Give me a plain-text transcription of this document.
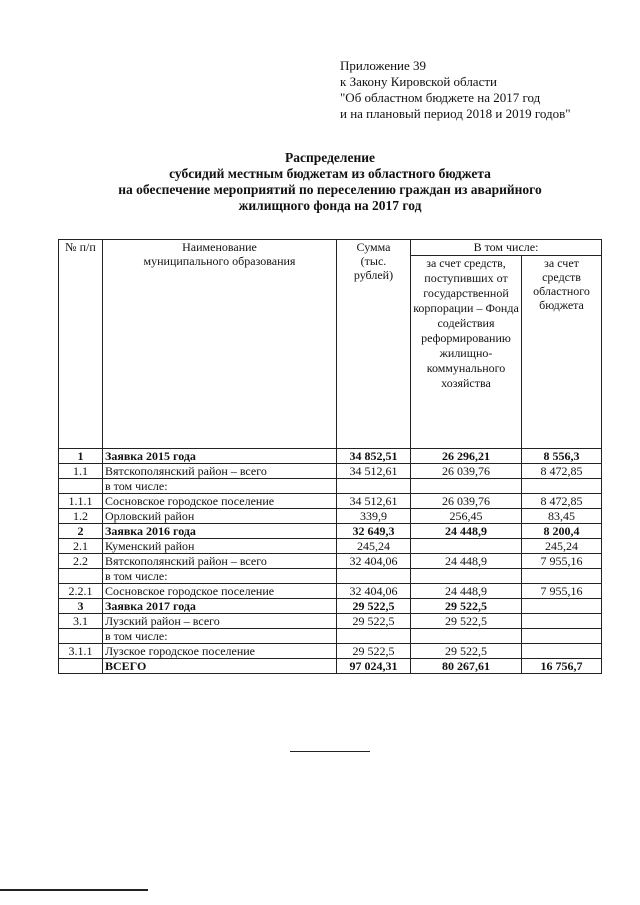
Приложение 39
к Закону Кировской области
"Об областном бюджете на 2017 год
и на плановый период 2018 и 2019 годов"
Распределение
субсидий местным бюджетам из областного бюджета
на обеспечение мероприятий по переселению граждан из аварийного
жилищного фонда на 2017 год
№ п/п	Наименование муниципального образования	Сумма (тыс. рублей)	В том числе:	
			за счет средств, поступивших от государственной корпорации – Фонда содействия реформированию жилищно-коммунального хозяйства	за счет средств областного бюджета
1	Заявка 2015 года	34 852,51	26 296,21	8 556,3
1.1	Вятскополянский район – всего	34 512,61	26 039,76	8 472,85
	в том числе:			
1.1.1	Сосновское городское поселение	34 512,61	26 039,76	8 472,85
1.2	Орловский район	339,9	256,45	83,45
2	Заявка 2016 года	32 649,3	24 448,9	8 200,4
2.1	Куменский район	245,24		245,24
2.2	Вятскополянский район – всего	32 404,06	24 448,9	7 955,16
	в том числе:			
2.2.1	Сосновское городское поселение	32 404,06	24 448,9	7 955,16
3	Заявка 2017 года	29 522,5	29 522,5	
3.1	Лузский район – всего	29 522,5	29 522,5	
	в том числе:			
3.1.1	Лузское городское поселение	29 522,5	29 522,5	
	ВСЕГО	97 024,31	80 267,61	16 756,7
